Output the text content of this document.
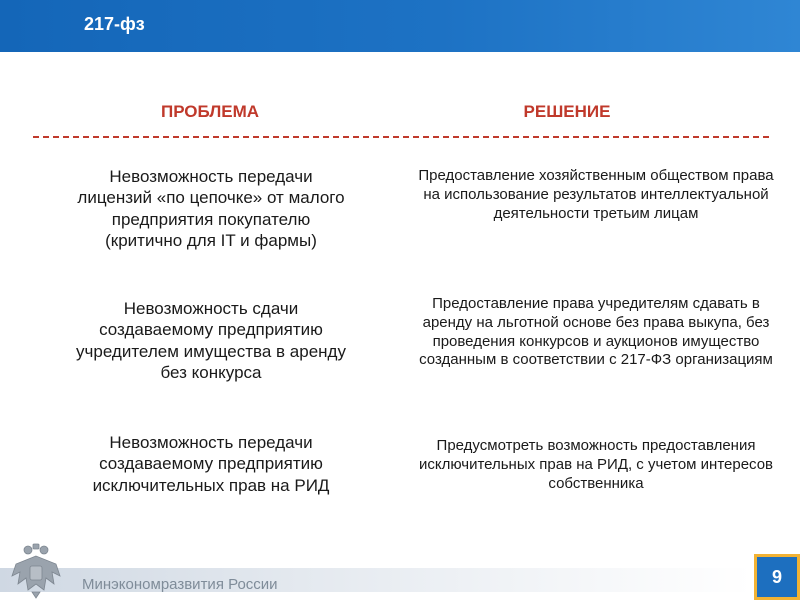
217-фз
ПРОБЛЕМА	РЕШЕНИЕ
Невозможность передачи лицензий «по цепочке» от малого предприятия покупателю (критично для IT и фармы)
Предоставление хозяйственным обществом права на использование результатов интеллектуальной деятельности третьим лицам
Невозможность сдачи создаваемому предприятию учредителем имущества в аренду без конкурса
Предоставление права учредителям сдавать в аренду на льготной основе без права выкупа, без проведения конкурсов и аукционов имущество созданным в соответствии с 217-ФЗ организациям
Невозможность передачи создаваемому предприятию исключительных прав на РИД
Предусмотреть возможность предоставления исключительных прав на РИД, с учетом интересов собственника
Минэкономразвития России	9
